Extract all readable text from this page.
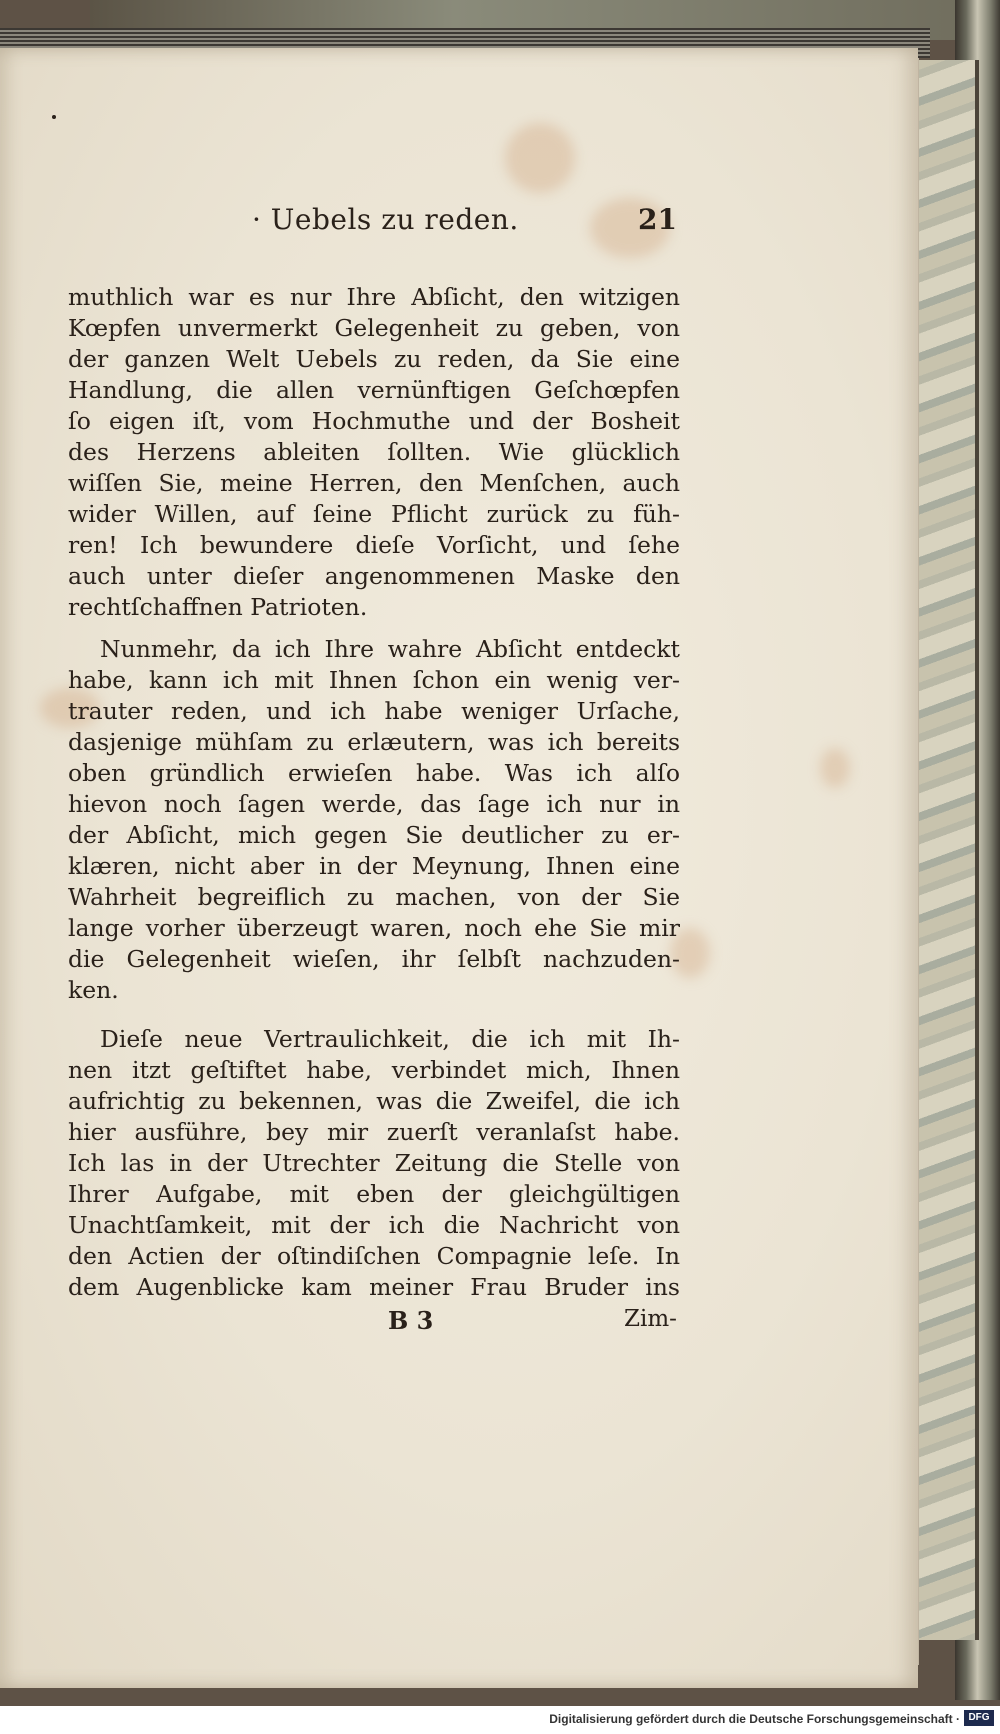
· Uebels zu reden.	21
muthlich war es nur Ihre Abſicht, den witzigen
Kœpfen unvermerkt Gelegenheit zu geben, von
der ganzen Welt Uebels zu reden, da Sie eine
Handlung, die allen vernünftigen Geſchœpfen
ſo eigen iſt, vom Hochmuthe und der Bosheit
des Herzens ableiten ſollten. Wie glücklich
wiſſen Sie, meine Herren, den Menſchen, auch
wider Willen, auf ſeine Pflicht zurück zu füh-
ren! Ich bewundere dieſe Vorſicht, und ſehe
auch unter dieſer angenommenen Maske den
rechtſchaffnen Patrioten.
Nunmehr, da ich Ihre wahre Abſicht entdeckt
habe, kann ich mit Ihnen ſchon ein wenig ver-
trauter reden, und ich habe weniger Urſache,
dasjenige mühſam zu erlæutern, was ich bereits
oben gründlich erwieſen habe. Was ich alſo
hievon noch ſagen werde, das ſage ich nur in
der Abſicht, mich gegen Sie deutlicher zu er-
klæren, nicht aber in der Meynung, Ihnen eine
Wahrheit begreiflich zu machen, von der Sie
lange vorher überzeugt waren, noch ehe Sie mir
die Gelegenheit wieſen, ihr ſelbſt nachzuden-
ken.
Dieſe neue Vertraulichkeit, die ich mit Ih-
nen itzt geſtiftet habe, verbindet mich, Ihnen
aufrichtig zu bekennen, was die Zweifel, die ich
hier ausführe, bey mir zuerſt veranlaſst habe.
Ich las in der Utrechter Zeitung die Stelle von
Ihrer Aufgabe, mit eben der gleichgültigen
Unachtſamkeit, mit der ich die Nachricht von
den Actien der oſtindiſchen Compagnie leſe. In
dem Augenblicke kam meiner Frau Bruder ins
B 3	Zim-
Digitalisierung gefördert durch die Deutsche Forschungsgemeinschaft · DFG
